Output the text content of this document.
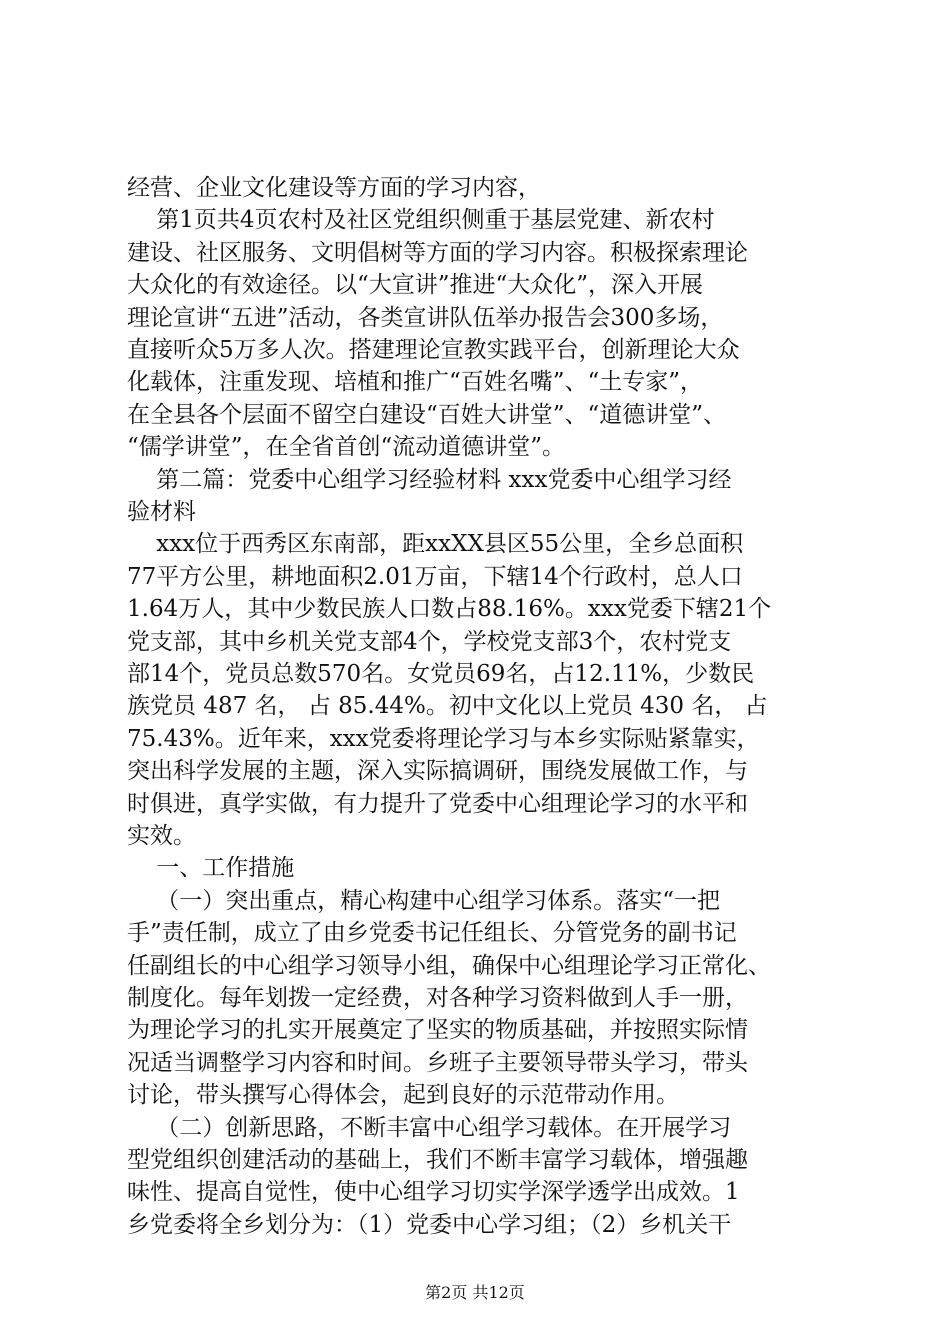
经营、企业文化建设等方面的学习内容，
第1页共4页农村及社区党组织侧重于基层党建、新农村
建设、社区服务、文明倡树等方面的学习内容。积极探索理论
大众化的有效途径。以“大宣讲”推进“大众化”，深入开展
理论宣讲“五进”活动，各类宣讲队伍举办报告会300多场，
直接听众5万多人次。搭建理论宣教实践平台，创新理论大众
化载体，注重发现、培植和推广“百姓名嘴”、“土专家”，
在全县各个层面不留空白建设“百姓大讲堂”、“道德讲堂”、
“儒学讲堂”，在全省首创“流动道德讲堂”。
第二篇：党委中心组学习经验材料 xxx党委中心组学习经
验材料
xxx位于西秀区东南部，距xxXX县区55公里，全乡总面积
77平方公里，耕地面积2.01万亩，下辖14个行政村，总人口
1.64万人，其中少数民族人口数占88.16%。xxx党委下辖21个
党支部，其中乡机关党支部4个，学校党支部3个，农村党支
部14个，党员总数570名。女党员69名，占12.11%，少数民
族党员 487 名， 占 85.44%。初中文化以上党员 430 名， 占
75.43%。近年来，xxx党委将理论学习与本乡实际贴紧靠实，
突出科学发展的主题，深入实际搞调研，围绕发展做工作，与
时俱进，真学实做，有力提升了党委中心组理论学习的水平和
实效。
一、工作措施
（一）突出重点，精心构建中心组学习体系。落实“一把
手”责任制，成立了由乡党委书记任组长、分管党务的副书记
任副组长的中心组学习领导小组，确保中心组理论学习正常化、
制度化。每年划拨一定经费，对各种学习资料做到人手一册，
为理论学习的扎实开展奠定了坚实的物质基础，并按照实际情
况适当调整学习内容和时间。乡班子主要领导带头学习，带头
讨论，带头撰写心得体会，起到良好的示范带动作用。
（二）创新思路，不断丰富中心组学习载体。在开展学习
型党组织创建活动的基础上，我们不断丰富学习载体，增强趣
味性、提高自觉性，使中心组学习切实学深学透学出成效。1
乡党委将全乡划分为：（1）党委中心学习组；（2）乡机关干
第2页 共12页
